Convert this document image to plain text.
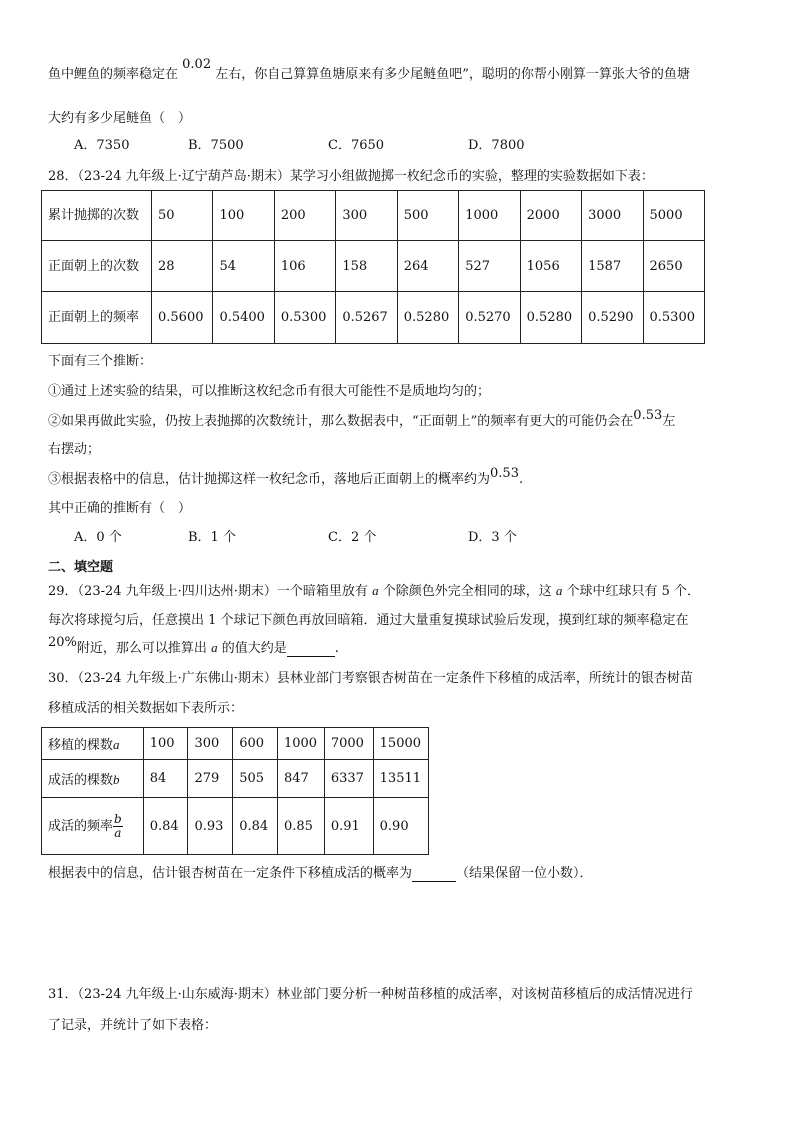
鱼中鲤鱼的频率稳定在 0.02 左右，你自己算算鱼塘原来有多少尾鲢鱼吧”，聪明的你帮小刚算一算张大爷的鱼塘
大约有多少尾鲢鱼（　）
A．7350	B．7500	C．7650	D．7800
28．（23-24 九年级上·辽宁葫芦岛·期末）某学习小组做抛掷一枚纪念币的实验，整理的实验数据如下表：
累计抛掷的次数	50	100	200	300	500	1000	2000	3000	5000
正面朝上的次数	28	54	106	158	264	527	1056	1587	2650
正面朝上的频率	0.5600	0.5400	0.5300	0.5267	0.5280	0.5270	0.5280	0.5290	0.5300
下面有三个推断：
①通过上述实验的结果，可以推断这枚纪念币有很大可能性不是质地均匀的；
②如果再做此实验，仍按上表抛掷的次数统计，那么数据表中，“正面朝上”的频率有更大的可能仍会在0.53左
右摆动；
③根据表格中的信息，估计抛掷这样一枚纪念币，落地后正面朝上的概率约为0.53.
其中正确的推断有（　）
A．0 个	B．1 个	C．2 个	D．3 个
二、填空题
29．（23-24 九年级上·四川达州·期末）一个暗箱里放有 a 个除颜色外完全相同的球，这 a 个球中红球只有 5 个．
每次将球搅匀后，任意摸出 1 个球记下颜色再放回暗箱．通过大量重复摸球试验后发现，摸到红球的频率稳定在
20%附近，那么可以推算出 a 的值大约是	.
30．（23-24 九年级上·广东佛山·期末）县林业部门考察银杏树苗在一定条件下移植的成活率，所统计的银杏树苗
移植成活的相关数据如下表所示：
移植的棵数a	100	300	600	1000	7000	15000
成活的棵数b	84	279	505	847	6337	13511
成活的频率 $\frac{b}{a}$	0.84	0.93	0.84	0.85	0.91	0.90
根据表中的信息，估计银杏树苗在一定条件下移植成活的概率为	（结果保留一位小数）．
31．（23-24 九年级上·山东威海·期末）林业部门要分析一种树苗移植的成活率，对该树苗移植后的成活情况进行
了记录，并统计了如下表格：
